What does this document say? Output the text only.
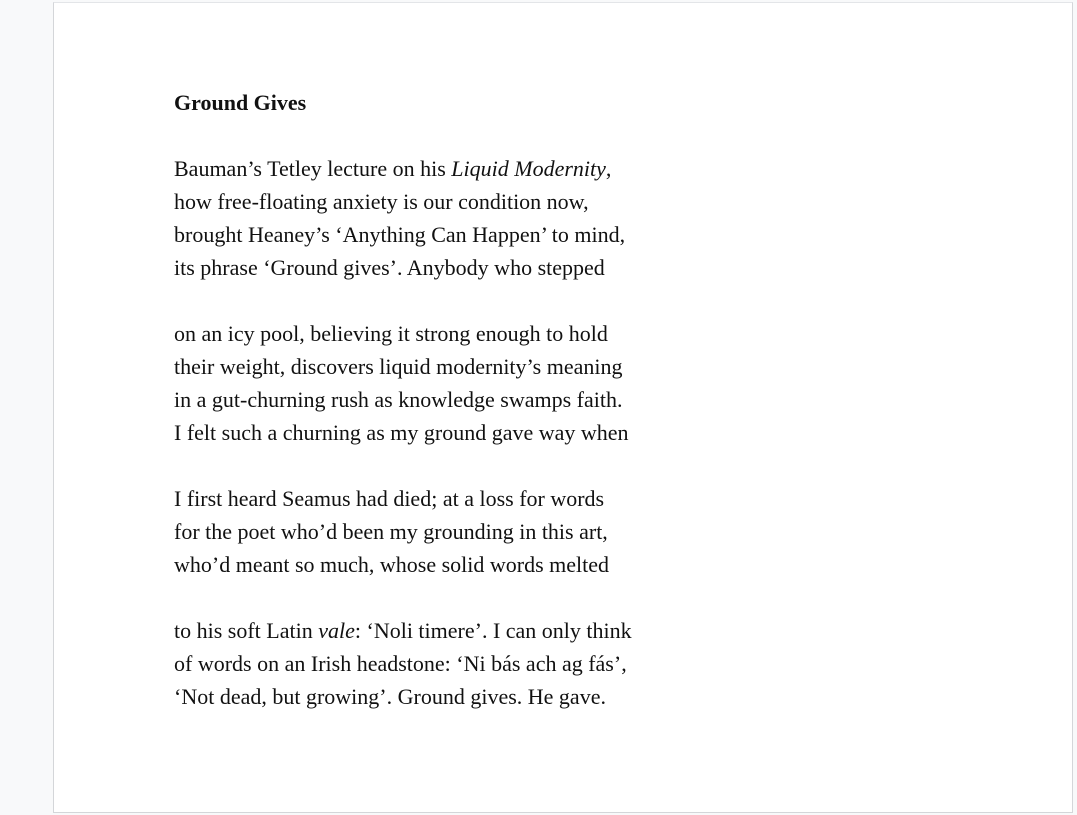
Ground Gives
Bauman’s Tetley lecture on his Liquid Modernity,
how free-floating anxiety is our condition now,
brought Heaney’s ‘Anything Can Happen’ to mind,
its phrase ‘Ground gives’. Anybody who stepped
on an icy pool, believing it strong enough to hold
their weight, discovers liquid modernity’s meaning
in a gut-churning rush as knowledge swamps faith.
I felt such a churning as my ground gave way when
I first heard Seamus had died; at a loss for words
for the poet who’d been my grounding in this art,
who’d meant so much, whose solid words melted
to his soft Latin vale: ‘Noli timere’. I can only think
of words on an Irish headstone: ‘Ni bás ach ag fás’,
‘Not dead, but growing’. Ground gives. He gave.
